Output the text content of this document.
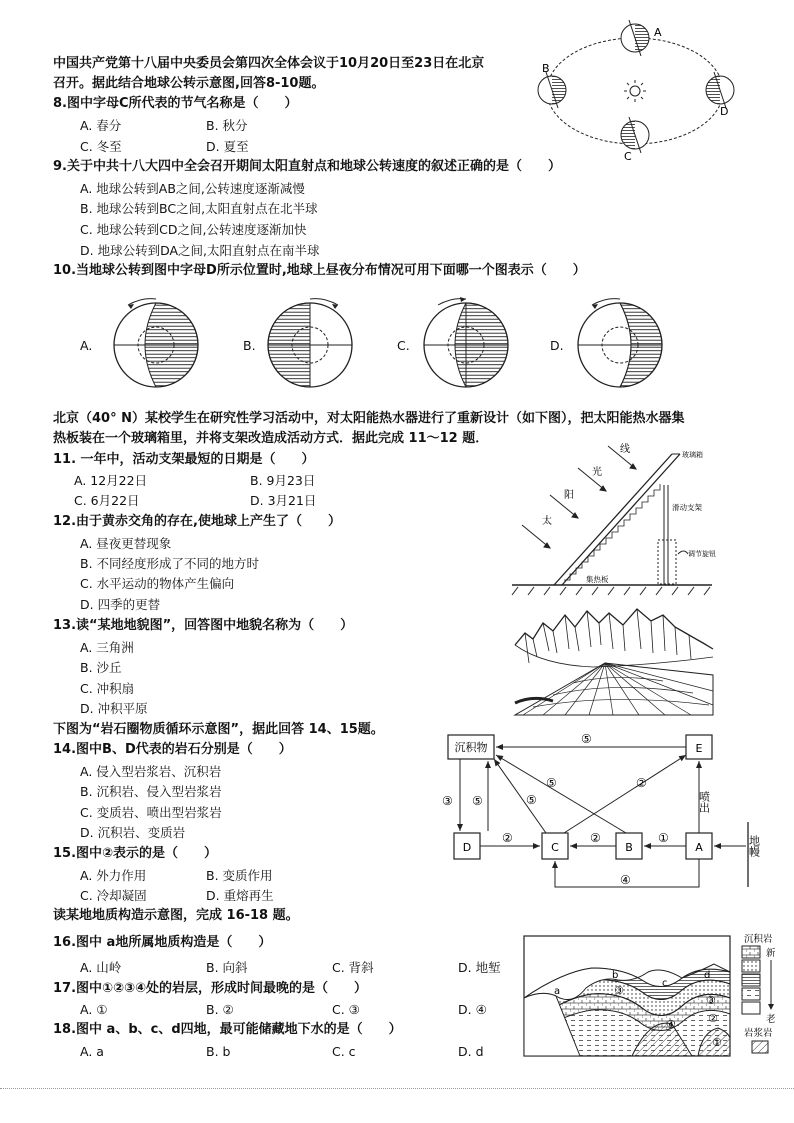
中国共产党第十八届中央委员会第四次全体会议于10月20日至23日在北京
召开。据此结合地球公转示意图,回答8-10题。
8.图中字母C所代表的节气名称是（　　）
A. 春分	B. 秋分
C. 冬至	D. 夏至
9.关于中共十八大四中全会召开期间太阳直射点和地球公转速度的叙述正确的是（　　）
A. 地球公转到AB之间,公转速度逐渐减慢
B. 地球公转到BC之间,太阳直射点在北半球
C. 地球公转到CD之间,公转速度逐渐加快
D. 地球公转到DA之间,太阳直射点在南半球
10.当地球公转到图中字母D所示位置时,地球上昼夜分布情况可用下面哪一个图表示（　　）
A
B
C
D
A.	B.	C.	D.
北京（40° N）某校学生在研究性学习活动中，对太阳能热水器进行了重新设计（如下图），把太阳能热水器集
热板装在一个玻璃箱里，并将支架改造成活动方式．据此完成 11～12 题．
11. 一年中，活动支架最短的日期是（　　）
A. 12月22日	B. 9月23日
C. 6月22日	D. 3月21日
12.由于黄赤交角的存在,使地球上产生了（　　）
A. 昼夜更替现象
B. 不同经度形成了不同的地方时
C. 水平运动的物体产生偏向
D. 四季的更替
太
阳
光
线	玻璃箱
滑动支架
调节旋钮
集热板
13.读“某地地貌图”，回答图中地貌名称为（　　）
A. 三角洲
B. 沙丘
C. 冲积扇
D. 冲积平原
下图为“岩石圈物质循环示意图”，据此回答 14、15题。
14.图中B、D代表的岩石分别是（　　）
A. 侵入型岩浆岩、沉积岩
B. 沉积岩、侵入型岩浆岩
C. 变质岩、喷出型岩浆岩
D. 沉积岩、变质岩
15.图中②表示的是（　　）
A. 外力作用	B. 变质作用
C. 冷却凝固	D. 重熔再生
沉积物	E
D	C	B	A
⑤
③ ⑤
②	②	①
⑤
⑤
②
④
喷出
地幔
读某地地质构造示意图，完成 16-18 题。
16.图中 a地所属地质构造是（　　）
A. 山岭	B. 向斜	C. 背斜	D. 地堑
17.图中①②③④处的岩层，形成时间最晚的是（　　）
A. ①	B. ②	C. ③	D. ④
18.图中 a、b、c、d四地，最可能储藏地下水的是（　　）
A. a	B. b	C. c	D. d
a
b
c
d
③
③
②
④
①
沉积岩
新
老
岩浆岩
